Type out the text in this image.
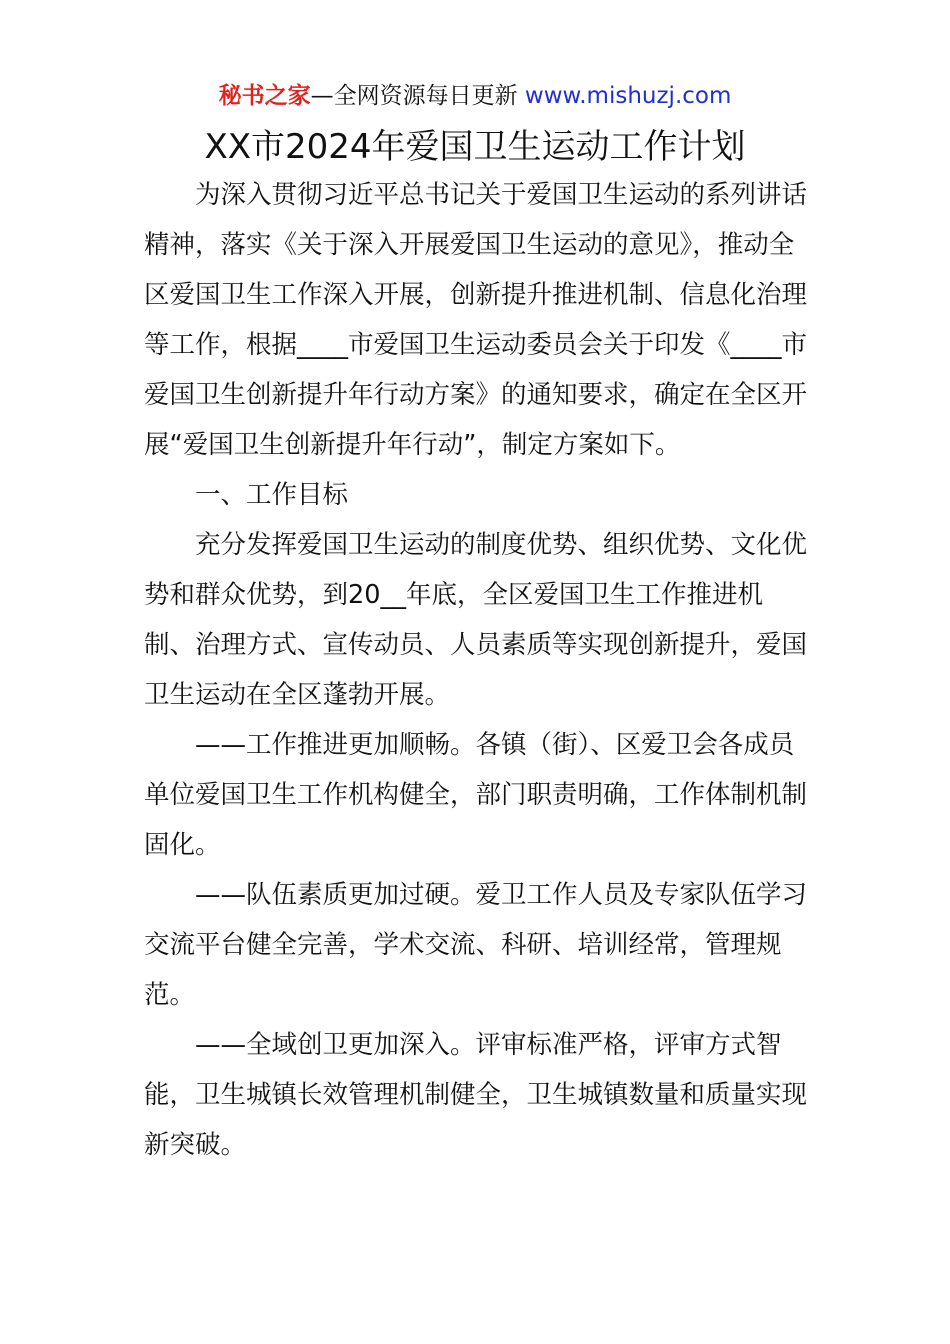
秘书之家—全网资源每日更新 www.mishuzj.com
XX市2024年爱国卫生运动工作计划

为深入贯彻习近平总书记关于爱国卫生运动的系列讲话精神，落实《关于深入开展爱国卫生运动的意见》，推动全区爱国卫生工作深入开展，创新提升推进机制、信息化治理等工作，根据____市爱国卫生运动委员会关于印发《____市爱国卫生创新提升年行动方案》的通知要求，确定在全区开展“爱国卫生创新提升年行动”，制定方案如下。

一、工作目标

充分发挥爱国卫生运动的制度优势、组织优势、文化优势和群众优势，到20__年底，全区爱国卫生工作推进机制、治理方式、宣传动员、人员素质等实现创新提升，爱国卫生运动在全区蓬勃开展。

——工作推进更加顺畅。各镇（街）、区爱卫会各成员单位爱国卫生工作机构健全，部门职责明确，工作体制机制固化。

——队伍素质更加过硬。爱卫工作人员及专家队伍学习交流平台健全完善，学术交流、科研、培训经常，管理规范。

——全域创卫更加深入。评审标准严格，评审方式智能，卫生城镇长效管理机制健全，卫生城镇数量和质量实现新突破。
